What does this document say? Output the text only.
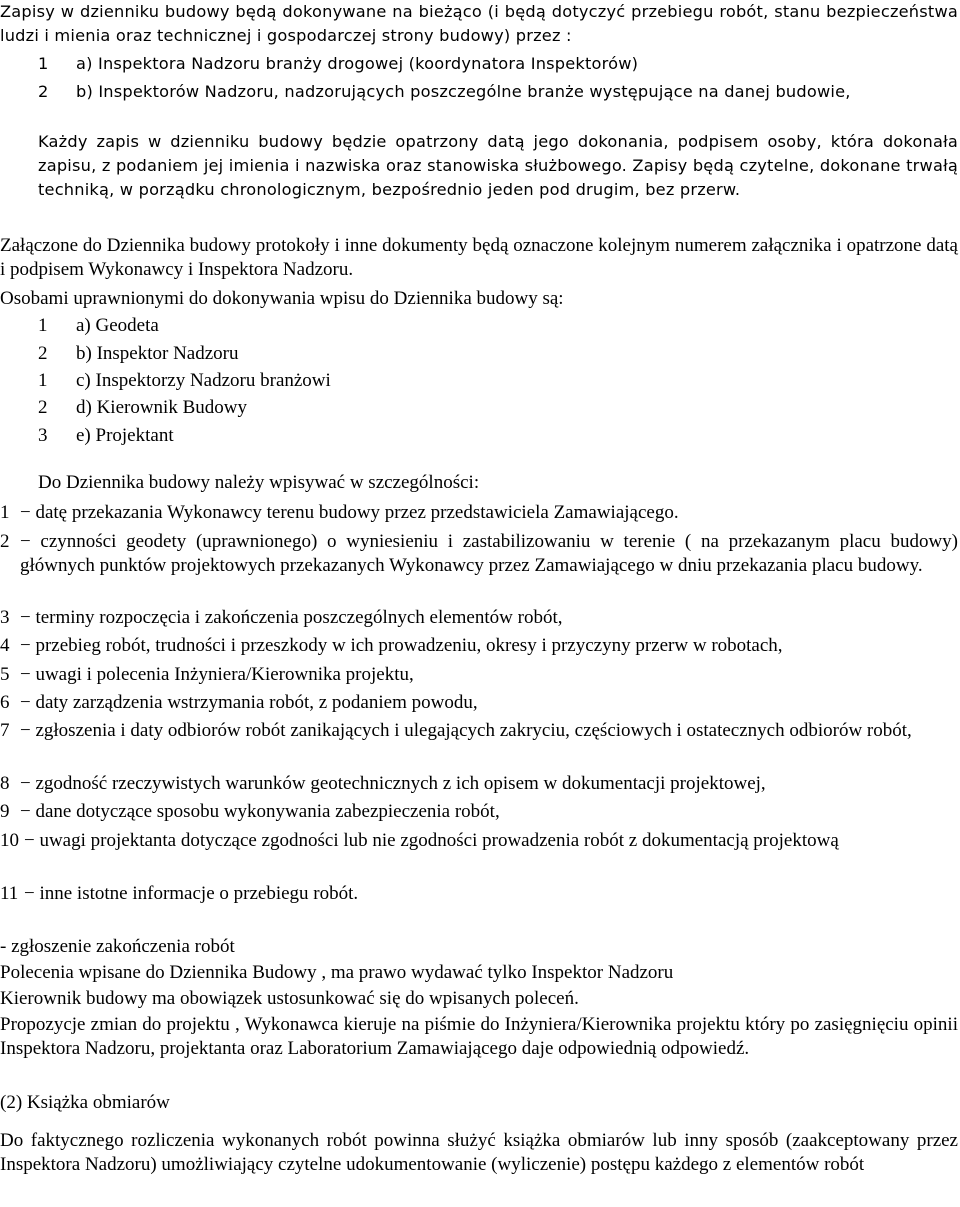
Zapisy w dzienniku budowy będą dokonywane na bieżąco (i będą dotyczyć przebiegu robót, stanu bezpieczeństwa ludzi i mienia oraz technicznej i gospodarczej strony budowy) przez :

1 a) Inspektora Nadzoru branży drogowej (koordynatora Inspektorów)
2 b) Inspektorów Nadzoru, nadzorujących poszczególne branże występujące na danej budowie,

Każdy zapis w dzienniku budowy będzie opatrzony datą jego dokonania, podpisem osoby, która dokonała zapisu, z podaniem jej imienia i nazwiska oraz stanowiska służbowego. Zapisy będą czytelne, dokonane trwałą techniką, w porządku chronologicznym, bezpośrednio jeden pod drugim, bez przerw.

Załączone do Dziennika budowy protokoły i inne dokumenty będą oznaczone kolejnym numerem załącznika i opatrzone datą i podpisem Wykonawcy i Inspektora Nadzoru.

Osobami uprawnionymi do dokonywania wpisu do Dziennika budowy są:

1 a) Geodeta
2 b) Inspektor Nadzoru
1 c) Inspektorzy Nadzoru branżowi
2 d) Kierownik Budowy
3 e) Projektant

Do Dziennika budowy należy wpisywać w szczególności:

1 − datę przekazania Wykonawcy terenu budowy przez przedstawiciela Zamawiającego.
2 − czynności geodety (uprawnionego) o wyniesieniu i zastabilizowaniu w terenie ( na przekazanym placu budowy) głównych punktów projektowych przekazanych Wykonawcy przez Zamawiającego w dniu przekazania placu budowy.
3 − terminy rozpoczęcia i zakończenia poszczególnych elementów robót,
4 − przebieg robót, trudności i przeszkody w ich prowadzeniu, okresy i przyczyny przerw w robotach,
5 − uwagi i polecenia Inżyniera/Kierownika projektu,
6 − daty zarządzenia wstrzymania robót, z podaniem powodu,
7 − zgłoszenia i daty odbiorów robót zanikających i ulegających zakryciu, częściowych i ostatecznych odbiorów robót,
8 − zgodność rzeczywistych warunków geotechnicznych z ich opisem w dokumentacji projektowej,
9 − dane dotyczące sposobu wykonywania zabezpieczenia robót,
10 − uwagi projektanta dotyczące zgodności lub nie zgodności prowadzenia robót z dokumentacją projektową
11 − inne istotne informacje o przebiegu robót.

- zgłoszenie zakończenia robót

Polecenia wpisane do Dziennika Budowy , ma prawo wydawać tylko Inspektor Nadzoru

Kierownik budowy ma obowiązek ustosunkować się do wpisanych poleceń.

Propozycje zmian do projektu , Wykonawca kieruje na piśmie do Inżyniera/Kierownika projektu który po zasięgnięciu opinii Inspektora Nadzoru, projektanta oraz Laboratorium Zamawiającego daje odpowiednią odpowiedź.

(2) Książka obmiarów

Do faktycznego rozliczenia wykonanych robót powinna służyć książka obmiarów lub inny sposób (zaakceptowany przez Inspektora Nadzoru) umożliwiający czytelne udokumentowanie (wyliczenie) postępu każdego z elementów robót
